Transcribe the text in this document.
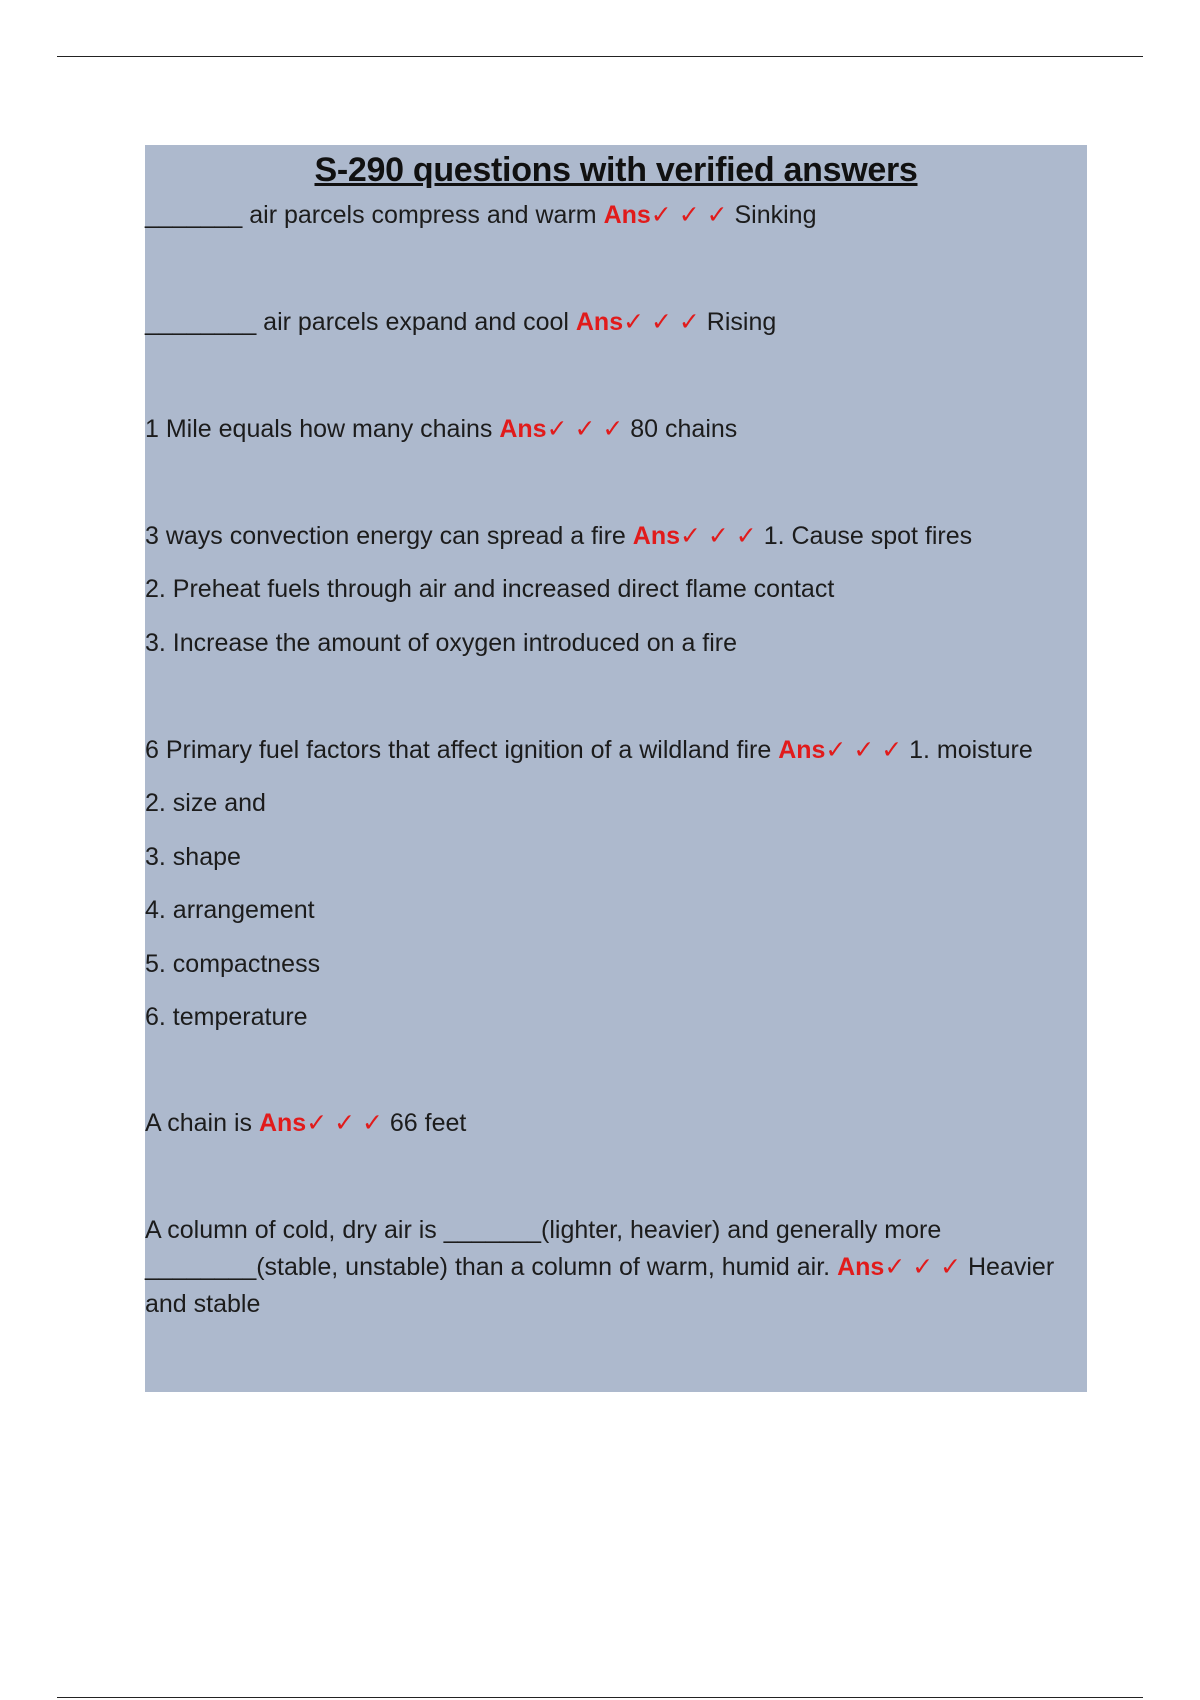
S-290 questions with verified answers
_______ air parcels compress and warm Ans✓ ✓ ✓ Sinking
________ air parcels expand and cool Ans✓ ✓ ✓ Rising
1 Mile equals how many chains Ans✓ ✓ ✓ 80 chains
3 ways convection energy can spread a fire Ans✓ ✓ ✓ 1. Cause spot fires
2. Preheat fuels through air and increased direct flame contact
3. Increase the amount of oxygen introduced on a fire
6 Primary fuel factors that affect ignition of a wildland fire Ans✓ ✓ ✓ 1. moisture
2. size and
3. shape
4. arrangement
5. compactness
6. temperature
A chain is Ans✓ ✓ ✓ 66 feet
A column of cold, dry air is _______(lighter, heavier) and generally more ________(stable, unstable) than a column of warm, humid air. Ans✓ ✓ ✓ Heavier and stable
